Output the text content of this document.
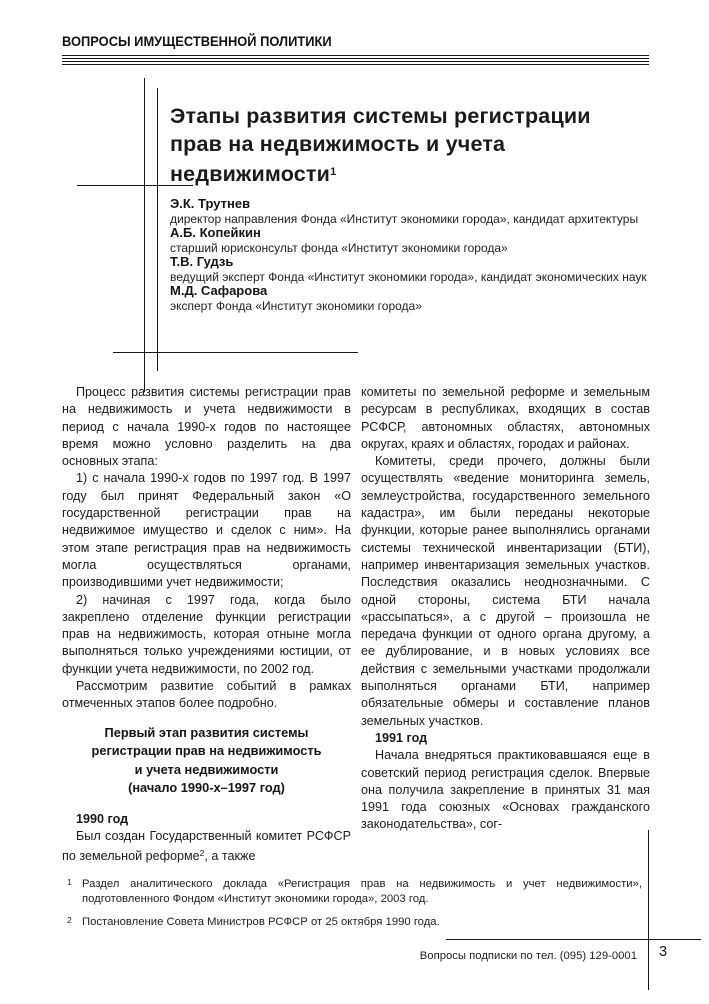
ВОПРОСЫ ИМУЩЕСТВЕННОЙ ПОЛИТИКИ
Этапы развития системы регистрации
прав на недвижимость и учета
недвижимости$^1$
Э.К. Трутнев
директор направления Фонда «Институт экономики города», кандидат архитектуры
А.Б. Копейкин
старший юрисконсульт фонда «Институт экономики города»
Т.В. Гудзь
ведущий эксперт Фонда «Институт экономики города», кандидат экономических наук
М.Д. Сафарова
эксперт Фонда «Институт экономики города»

Процесс развития системы регистрации прав на недвижимость и учета недвижимости в период с начала 1990-х годов по настоящее время можно условно разделить на два основных этапа:

1) с начала 1990-х годов по 1997 год. В 1997 году был принят Федеральный закон «О государственной регистрации прав на недвижимое имущество и сделок с ним». На этом этапе регистрация прав на недвижимость могла осуществляться органами, производившими учет недвижимости;

2) начиная с 1997 года, когда было закреплено отделение функции регистрации прав на недвижимость, которая отныне могла выполняться только учреждениями юстиции, от функции учета недвижимости, по 2002 год.

Рассмотрим развитие событий в рамках отмеченных этапов более подробно.

Первый этап развития системы
регистрации прав на недвижимость
и учета недвижимости
(начало 1990-х–1997 год)

1990 год

Был создан Государственный комитет РСФСР по земельной реформе$^2$, а также

комитеты по земельной реформе и земельным ресурсам в республиках, входящих в состав РСФСР, автономных областях, автономных округах, краях и областях, городах и районах.

Комитеты, среди прочего, должны были осуществлять «ведение мониторинга земель, землеустройства, государственного земельного кадастра», им были переданы некоторые функции, которые ранее выполнялись органами системы технической инвентаризации (БТИ), например инвентаризация земельных участков. Последствия оказались неоднозначными. С одной стороны, система БТИ начала «рассыпаться», а с другой – произошла не передача функции от одного органа другому, а ее дублирование, и в новых условиях все действия с земельными участками продолжали выполняться органами БТИ, например обязательные обмеры и составление планов земельных участков.

1991 год

Начала внедряться практиковавшаяся еще в советский период регистрация сделок. Впервые она получила закрепление в принятых 31 мая 1991 года союзных «Основах гражданского законодательства», сог-

1 Раздел аналитического доклада «Регистрация прав на недвижимость и учет недвижимости», подготовленного Фондом «Институт экономики города», 2003 год.
2 Постановление Совета Министров РСФСР от 25 октября 1990 года.
Вопросы подписки по тел. (095) 129-0001 3
